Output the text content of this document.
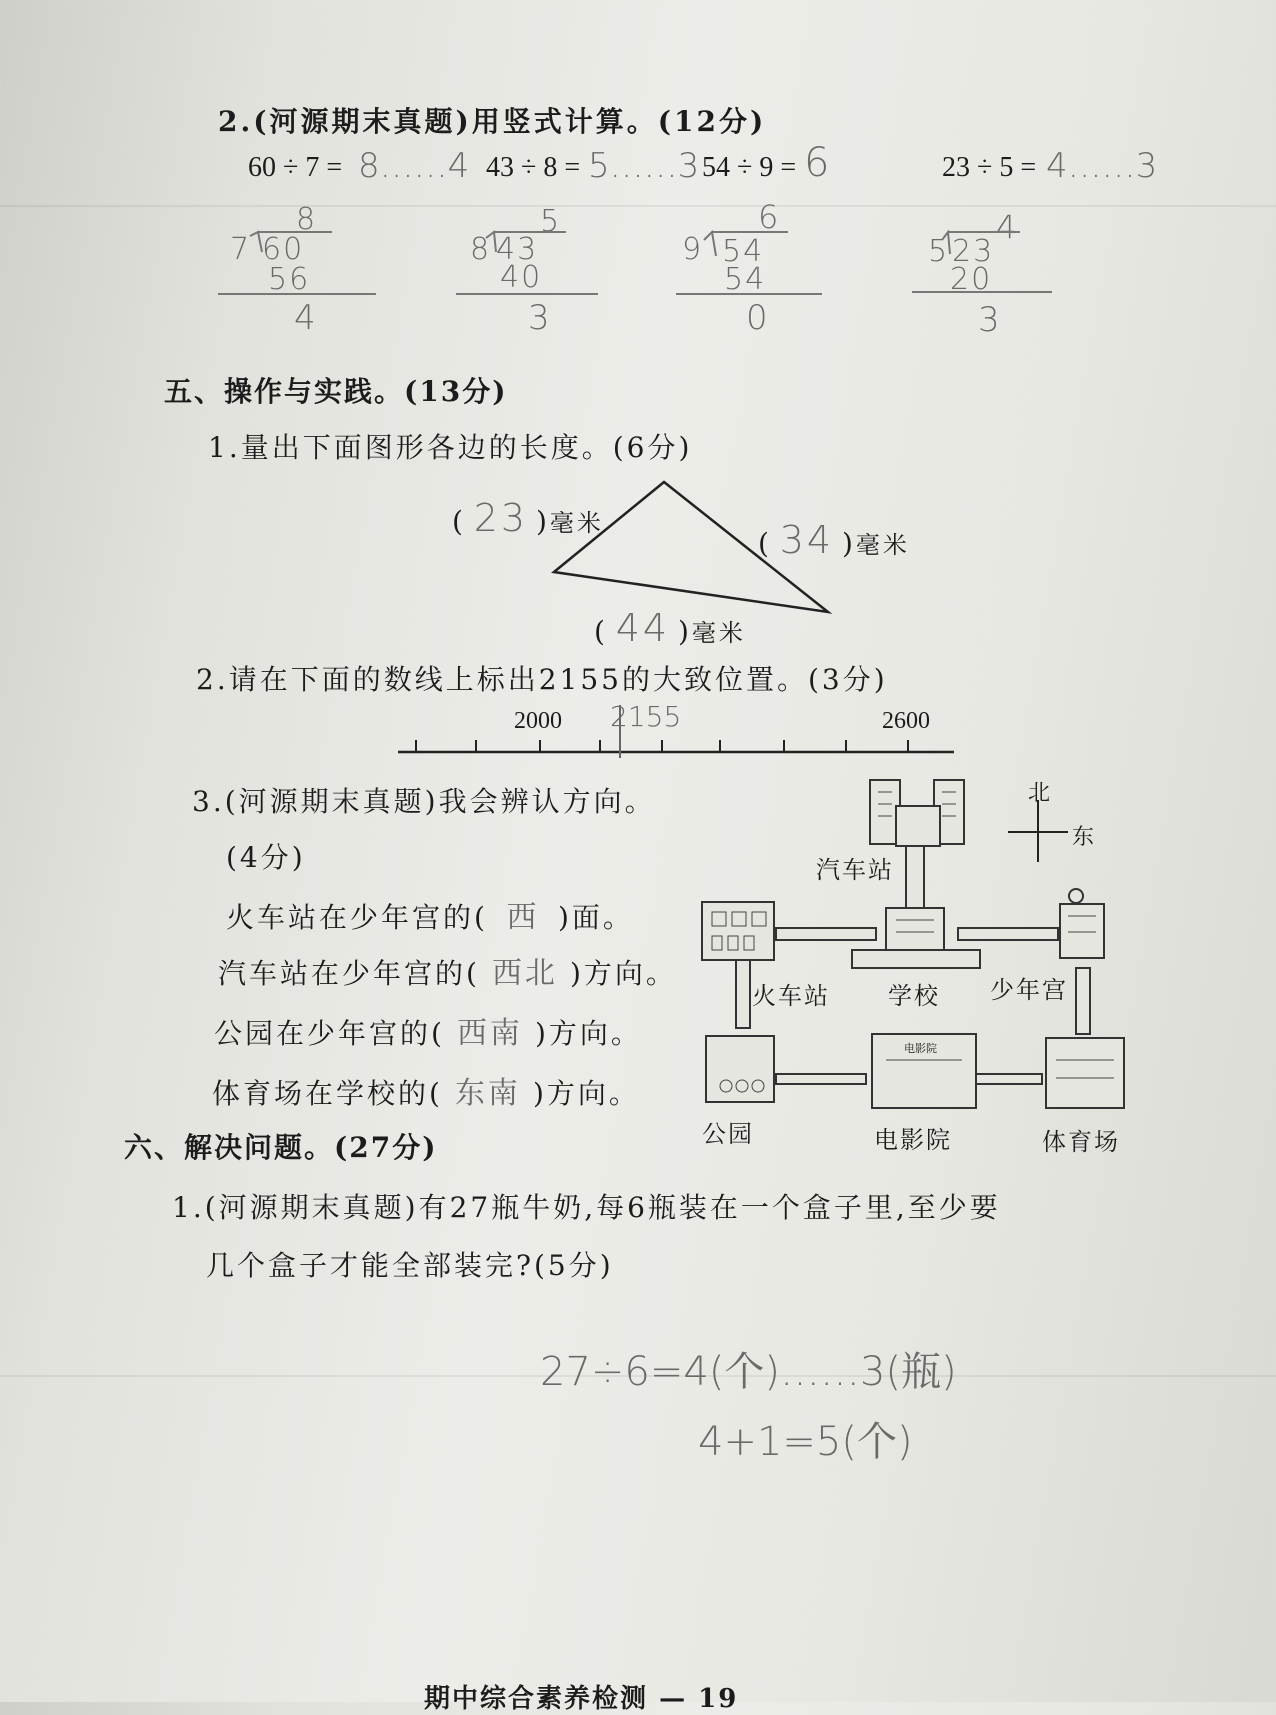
2.(河源期末真题)用竖式计算。(12分)
60 ÷ 7 = 8……4 43 ÷ 8 = 5……3 54 ÷ 9 = 6	23 ÷ 5 = 4……3
8
7 60
56
4
5
8 43
40
3
6
9 54
54
0
4
5 23
20
3
五、操作与实践。(13分)
1.量出下面图形各边的长度。(6分)
( 23 )毫米
( 34 )毫米
( 44 )毫米
2.请在下面的数线上标出2155的大致位置。(3分)
2000	2600
2155
3.(河源期末真题)我会辨认方向。
(4分)
火车站在少年宫的( 西 )面。
汽车站在少年宫的( 西北 )方向。
公园在少年宫的( 西南 )方向。
体育场在学校的( 东南 )方向。
北
东
汽车站
火车站 学校 少年宫
电影院
公园	电影院	体育场
六、解决问题。(27分)
1.(河源期末真题)有27瓶牛奶,每6瓶装在一个盒子里,至少要
几个盒子才能全部装完?(5分)
27÷6=4(个)……3(瓶)
4+1=5(个)
期中综合素养检测 — 19
